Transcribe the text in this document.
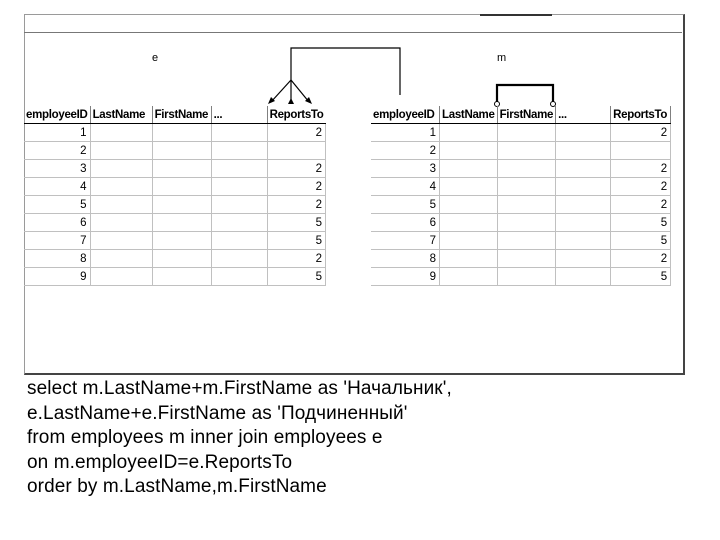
e	m
employeeID	LastName	FirstName	...	ReportsTo
1				2
2				
3				2
4				2
5				2
6				5
7				5
8				2
9				5
employeeID	LastName	FirstName	...	ReportsTo
1				2
2				
3				2
4				2
5				2
6				5
7				5
8				2
9				5
select m.LastName+m.FirstName as 'Начальник',
e.LastName+e.FirstName as 'Подчиненный'
from employees m inner join employees e
on m.employeeID=e.ReportsTo
order by m.LastName,m.FirstName
